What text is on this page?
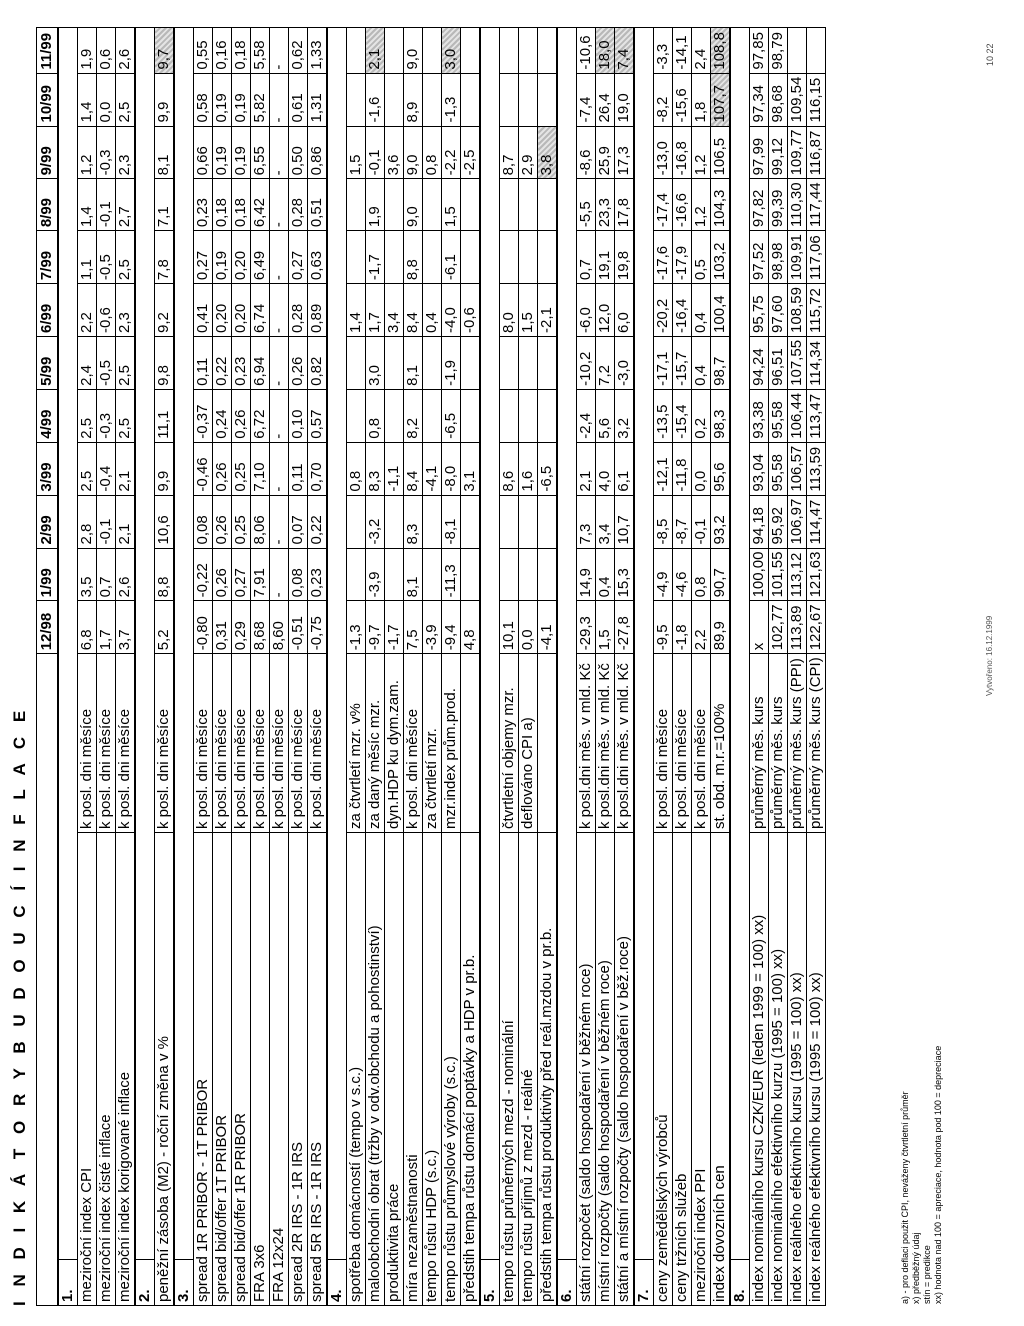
I N D I K Á T O R Y B U D O U C Í I N F L A C E
			12/98	1/99	2/99	3/99	4/99	5/99	6/99	7/99	8/99	9/99	10/99	11/99
1.														
meziroční index CPI		k posl. dni měsíce	6,8	3,5	2,8	2,5	2,5	2,4	2,2	1,1	1,4	1,2	1,4	1,9
meziroční index čisté inflace		k posl. dni měsíce	1,7	0,7	-0,1	-0,4	-0,3	-0,5	-0,6	-0,5	-0,1	-0,3	0,0	0,6
meziroční index korigované inflace		k posl. dni měsíce	3,7	2,6	2,1	2,1	2,5	2,5	2,3	2,5	2,7	2,3	2,5	2,6
2.														
peněžní zásoba (M2) - roční změna v %		k posl. dni měsíce	5,2	8,8	10,6	9,9	11,1	9,8	9,2	7,8	7,1	8,1	9,9	9,7
3.														
spread 1R PRIBOR - 1T PRIBOR		k posl. dni měsíce	-0,80	-0,22	0,08	-0,46	-0,37	0,11	0,41	0,27	0,23	0,66	0,58	0,55
spread bid/offer 1T PRIBOR		k posl. dni měsíce	0,31	0,26	0,26	0,26	0,24	0,22	0,20	0,19	0,18	0,19	0,19	0,16
spread bid/offer 1R PRIBOR		k posl. dni měsíce	0,29	0,27	0,25	0,25	0,26	0,23	0,20	0,20	0,18	0,19	0,19	0,18
FRA 3x6		k posl. dni měsíce	8,68	7,91	8,06	7,10	6,72	6,94	6,74	6,49	6,42	6,55	5,82	5,58
FRA 12x24		k posl. dni měsíce	8,60	-	-	-	-	-	-	-	-	-	-	-
spread 2R IRS - 1R IRS		k posl. dni měsíce	-0,51	0,08	0,07	0,11	0,10	0,26	0,28	0,27	0,28	0,50	0,61	0,62
spread 5R IRS - 1R IRS		k posl. dni měsíce	-0,75	0,23	0,22	0,70	0,57	0,82	0,89	0,63	0,51	0,86	1,31	1,33
4.														
spotřeba domácností (tempo v s.c.)		za čtvrtletí mzr. v%	-1,3			0,8			1,4			1,5		
maloobchodní obrat (tržby v odv.obchodu a pohostinství)		za daný měsíc mzr.	-9,7	-3,9	-3,2	8,3	0,8	3,0	1,7	-1,7	1,9	-0,1	-1,6	2,1
produktivita práce		dyn.HDP ku dym.zam.	-1,7			-1,1			3,4			3,6		
míra nezaměstnanosti		k posl. dni měsíce	7,5	8,1	8,3	8,4	8,2	8,1	8,4	8,8	9,0	9,0	8,9	9,0
tempo růstu HDP (s.c.)		za čtvrtletí mzr.	-3,9			-4,1			0,4			0,8		
tempo růstu průmyslové výroby (s.c.)		mzr.index prům.prod.	-9,4	-11,3	-8,1	-8,0	-6,5	-1,9	-4,0	-6,1	1,5	-2,2	-1,3	3,0
předstih tempa růstu domácí poptávky a HDP v pr.b.			4,8			3,1			-0,6			-2,5		
5.														
tempo růstu průměrných mezd - nominální		čtvrtletní objemy mzr.	10,1			8,6			8,0			8,7		
tempo růstu příjmů z mezd - reálné		deflováno CPI a)	0,0			1,6			1,5			2,9		
předstih tempa růstu produktivity před reál.mzdou v pr.b.			-4,1			-6,5			-2,1			3,8		
6.														
státní rozpočet (saldo hospodaření v běžném roce)		k posl.dni měs. v mld. Kč	-29,3	14,9	7,3	2,1	-2,4	-10,2	-6,0	0,7	-5,5	-8,6	-7,4	-10,6
místní rozpočty (saldo hospodaření v běžném roce)		k posl.dni měs. v mld. Kč	1,5	0,4	3,4	4,0	5,6	7,2	12,0	19,1	23,3	25,9	26,4	18,0
státní a místní rozpočty (saldo hospodaření v běž.roce)		k posl.dni měs. v mld. Kč	-27,8	15,3	10,7	6,1	3,2	-3,0	6,0	19,8	17,8	17,3	19,0	7,4
7.														
ceny zemědělských výrobců		k posl. dni měsíce	-9,5	-4,9	-8,5	-12,1	-13,5	-17,1	-20,2	-17,6	-17,4	-13,0	-8,2	-3,3
ceny tržních služeb		k posl. dni měsíce	-1,8	-4,6	-8,7	-11,8	-15,4	-15,7	-16,4	-17,9	-16,6	-16,8	-15,6	-14,1
meziroční index PPI		k posl. dni měsíce	2,2	0,8	-0,1	0,0	0,2	0,4	0,4	0,5	1,2	1,2	1,8	2,4
index dovozních cen		st. obd. m.r.=100%	89,9	90,7	93,2	95,6	98,3	98,7	100,4	103,2	104,3	106,5	107,7	108,8
8.														
index nominálního kursu CZK/EUR (leden 1999 = 100) xx)		průměrný měs. kurs	x	100,00	94,18	93,04	93,38	94,24	95,75	97,52	97,82	97,99	97,34	97,85
index nominálního efektivního kurzu (1995 = 100) xx)		průměrný měs. kurs	102,77	101,55	95,92	95,58	95,58	96,51	97,60	98,98	99,39	99,12	98,68	98,79
index reálného efektivního kursu (1995 = 100) xx)		průměrný měs. kurs (PPI)	113,89	113,12	106,97	106,57	106,44	107,55	108,59	109,91	110,30	109,77	109,54	
index reálného efektivního kursu (1995 = 100) xx)		průměrný měs. kurs (CPI)	122,67	121,63	114,47	113,59	113,47	114,34	115,72	117,06	117,44	116,87	116,15	
a) - pro deflaci použit CPI, neváženy čtvrtletní průměr x) předběžný údaj stín = predikce xx) hodnota nad 100 = apreciace, hodnota pod 100 = depreciace
Vytvořeno: 16.12.1999
10 22
